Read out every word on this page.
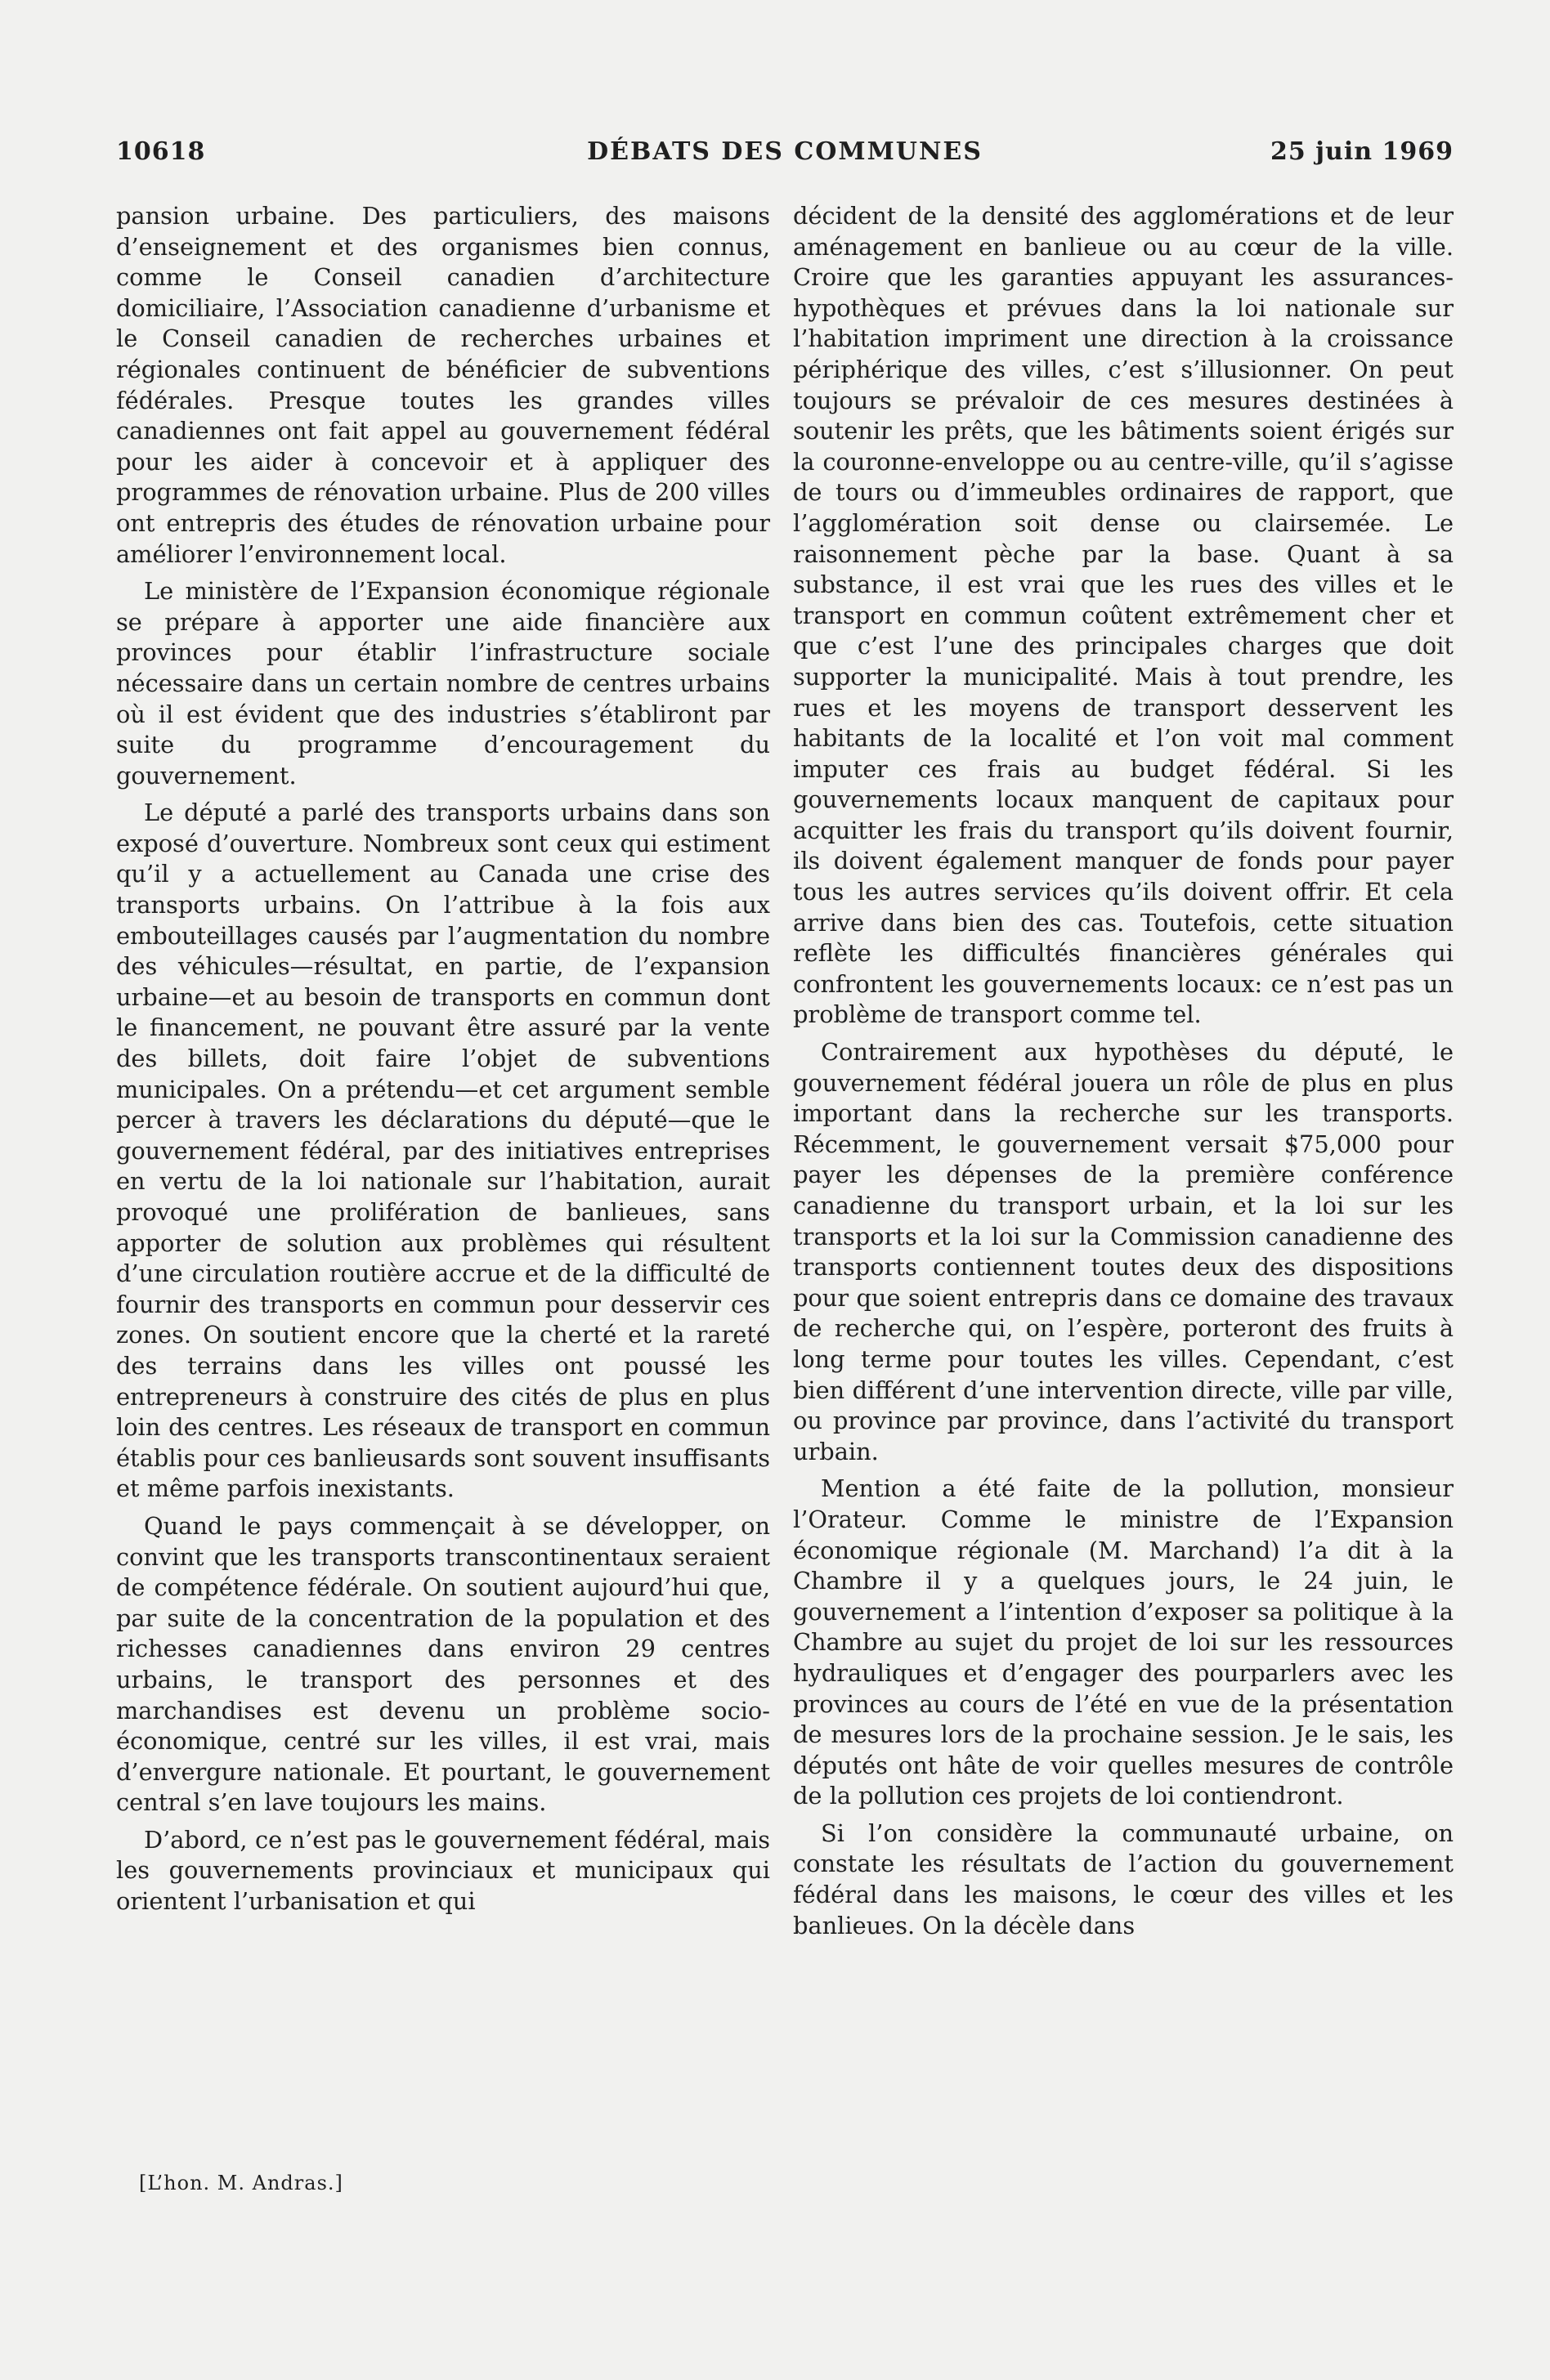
10618	DÉBATS DES COMMUNES	25 juin 1969

pansion urbaine. Des particuliers, des maisons d’enseignement et des organismes bien connus, comme le Conseil canadien d’architecture domiciliaire, l’Association canadienne d’urbanisme et le Conseil canadien de recherches urbaines et régionales continuent de bénéficier de subventions fédérales. Presque toutes les grandes villes canadiennes ont fait appel au gouvernement fédéral pour les aider à concevoir et à appliquer des programmes de rénovation urbaine. Plus de 200 villes ont entrepris des études de rénovation urbaine pour améliorer l’environnement local.

Le ministère de l’Expansion économique régionale se prépare à apporter une aide financière aux provinces pour établir l’infrastructure sociale nécessaire dans un certain nombre de centres urbains où il est évident que des industries s’établiront par suite du programme d’encouragement du gouvernement.

Le député a parlé des transports urbains dans son exposé d’ouverture. Nombreux sont ceux qui estiment qu’il y a actuellement au Canada une crise des transports urbains. On l’attribue à la fois aux embouteillages causés par l’augmentation du nombre des véhicules—résultat, en partie, de l’expansion urbaine—et au besoin de transports en commun dont le financement, ne pouvant être assuré par la vente des billets, doit faire l’objet de subventions municipales. On a prétendu—et cet argument semble percer à travers les déclarations du député—que le gouvernement fédéral, par des initiatives entreprises en vertu de la loi nationale sur l’habitation, aurait provoqué une prolifération de banlieues, sans apporter de solution aux problèmes qui résultent d’une circulation routière accrue et de la difficulté de fournir des transports en commun pour desservir ces zones. On soutient encore que la cherté et la rareté des terrains dans les villes ont poussé les entrepreneurs à construire des cités de plus en plus loin des centres. Les réseaux de transport en commun établis pour ces banlieusards sont souvent insuffisants et même parfois inexistants.

Quand le pays commençait à se développer, on convint que les transports transcontinentaux seraient de compétence fédérale. On soutient aujourd’hui que, par suite de la concentration de la population et des richesses canadiennes dans environ 29 centres urbains, le transport des personnes et des marchandises est devenu un problème socio-économique, centré sur les villes, il est vrai, mais d’envergure nationale. Et pourtant, le gouvernement central s’en lave toujours les mains.

D’abord, ce n’est pas le gouvernement fédéral, mais les gouvernements provinciaux et municipaux qui orientent l’urbanisation et qui

décident de la densité des agglomérations et de leur aménagement en banlieue ou au cœur de la ville. Croire que les garanties appuyant les assurances-hypothèques et prévues dans la loi nationale sur l’habitation impriment une direction à la croissance périphérique des villes, c’est s’illusionner. On peut toujours se prévaloir de ces mesures destinées à soutenir les prêts, que les bâtiments soient érigés sur la couronne-enveloppe ou au centre-ville, qu’il s’agisse de tours ou d’immeubles ordinaires de rapport, que l’agglomération soit dense ou clairsemée. Le raisonnement pèche par la base. Quant à sa substance, il est vrai que les rues des villes et le transport en commun coûtent extrêmement cher et que c’est l’une des principales charges que doit supporter la municipalité. Mais à tout prendre, les rues et les moyens de transport desservent les habitants de la localité et l’on voit mal comment imputer ces frais au budget fédéral. Si les gouvernements locaux manquent de capitaux pour acquitter les frais du transport qu’ils doivent fournir, ils doivent également manquer de fonds pour payer tous les autres services qu’ils doivent offrir. Et cela arrive dans bien des cas. Toutefois, cette situation reflète les difficultés financières générales qui confrontent les gouvernements locaux: ce n’est pas un problème de transport comme tel.

Contrairement aux hypothèses du député, le gouvernement fédéral jouera un rôle de plus en plus important dans la recherche sur les transports. Récemment, le gouvernement versait $75,000 pour payer les dépenses de la première conférence canadienne du transport urbain, et la loi sur les transports et la loi sur la Commission canadienne des transports contiennent toutes deux des dispositions pour que soient entrepris dans ce domaine des travaux de recherche qui, on l’espère, porteront des fruits à long terme pour toutes les villes. Cependant, c’est bien différent d’une intervention directe, ville par ville, ou province par province, dans l’activité du transport urbain.

Mention a été faite de la pollution, monsieur l’Orateur. Comme le ministre de l’Expansion économique régionale (M. Marchand) l’a dit à la Chambre il y a quelques jours, le 24 juin, le gouvernement a l’intention d’exposer sa politique à la Chambre au sujet du projet de loi sur les ressources hydrauliques et d’engager des pourparlers avec les provinces au cours de l’été en vue de la présentation de mesures lors de la prochaine session. Je le sais, les députés ont hâte de voir quelles mesures de contrôle de la pollution ces projets de loi contiendront.

Si l’on considère la communauté urbaine, on constate les résultats de l’action du gouvernement fédéral dans les maisons, le cœur des villes et les banlieues. On la décèle dans

[L’hon. M. Andras.]
